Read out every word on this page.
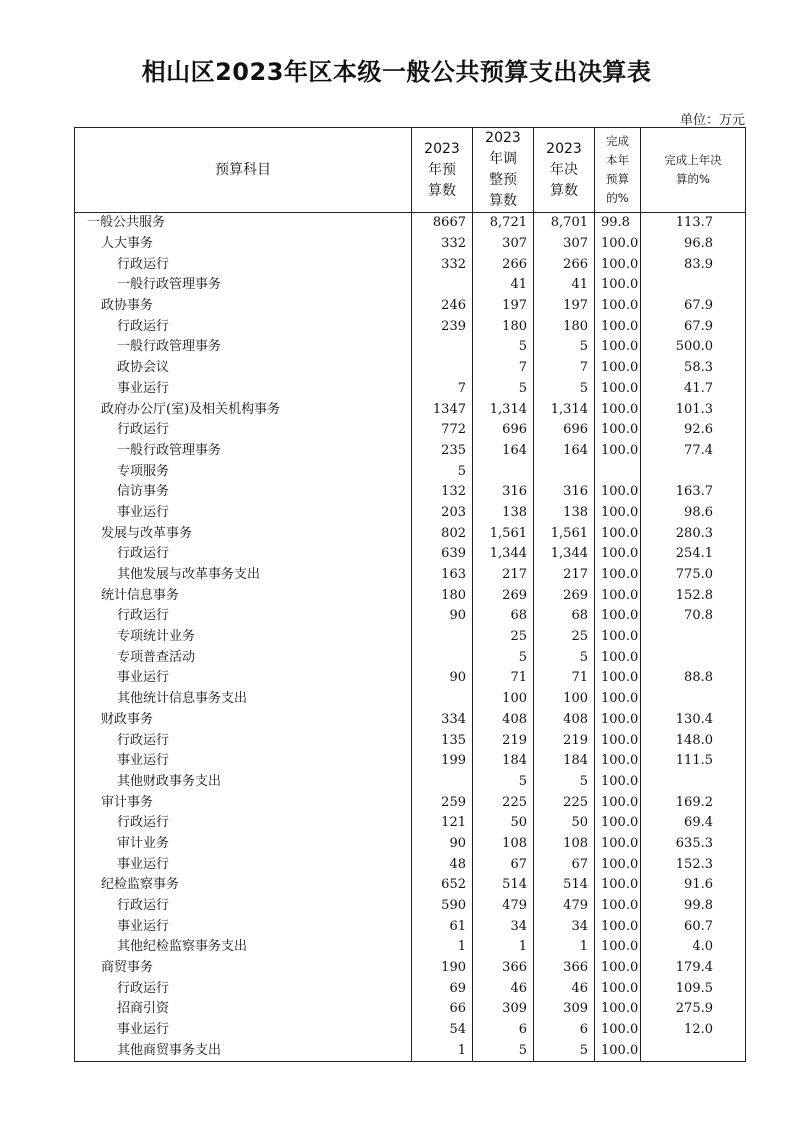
相山区2023年区本级一般公共预算支出决算表
单位：万元
预算科目	2023年预算数	2023年调整预算数	2023年决算数	完成本年预算的%	完成上年决算的%

一般公共服务	8667	8,721	8,701	99.8	113.7
人大事务	332	307	307	100.0	96.8
行政运行	332	266	266	100.0	83.9
一般行政管理事务		41	41	100.0	
政协事务	246	197	197	100.0	67.9
行政运行	239	180	180	100.0	67.9
一般行政管理事务		5	5	100.0	500.0
政协会议		7	7	100.0	58.3
事业运行	7	5	5	100.0	41.7
政府办公厅(室)及相关机构事务	1347	1,314	1,314	100.0	101.3
行政运行	772	696	696	100.0	92.6
一般行政管理事务	235	164	164	100.0	77.4
专项服务	5				
信访事务	132	316	316	100.0	163.7
事业运行	203	138	138	100.0	98.6
发展与改革事务	802	1,561	1,561	100.0	280.3
行政运行	639	1,344	1,344	100.0	254.1
其他发展与改革事务支出	163	217	217	100.0	775.0
统计信息事务	180	269	269	100.0	152.8
行政运行	90	68	68	100.0	70.8
专项统计业务		25	25	100.0	
专项普查活动		5	5	100.0	
事业运行	90	71	71	100.0	88.8
其他统计信息事务支出		100	100	100.0	
财政事务	334	408	408	100.0	130.4
行政运行	135	219	219	100.0	148.0
事业运行	199	184	184	100.0	111.5
其他财政事务支出		5	5	100.0	
审计事务	259	225	225	100.0	169.2
行政运行	121	50	50	100.0	69.4
审计业务	90	108	108	100.0	635.3
事业运行	48	67	67	100.0	152.3
纪检监察事务	652	514	514	100.0	91.6
行政运行	590	479	479	100.0	99.8
事业运行	61	34	34	100.0	60.7
其他纪检监察事务支出	1	1	1	100.0	4.0
商贸事务	190	366	366	100.0	179.4
行政运行	69	46	46	100.0	109.5
招商引资	66	309	309	100.0	275.9
事业运行	54	6	6	100.0	12.0
其他商贸事务支出	1	5	5	100.0	
